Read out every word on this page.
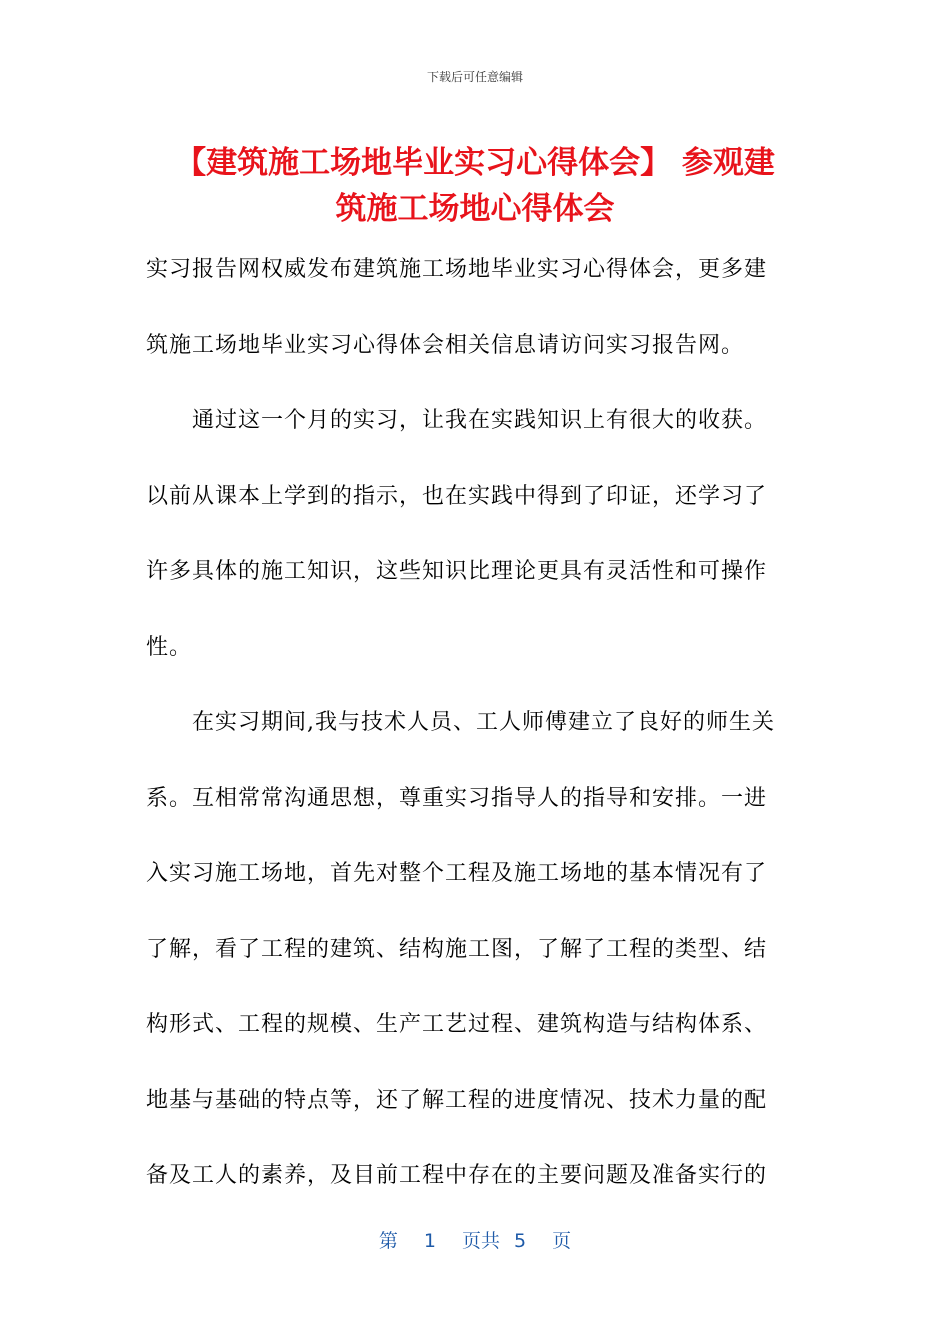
下载后可任意编辑
【建筑施工场地毕业实习心得体会】 参观建
筑施工场地心得体会
实习报告网权威发布建筑施工场地毕业实习心得体会，更多建
筑施工场地毕业实习心得体会相关信息请访问实习报告网。
　　通过这一个月的实习，让我在实践知识上有很大的收获。
以前从课本上学到的指示，也在实践中得到了印证，还学习了
许多具体的施工知识，这些知识比理论更具有灵活性和可操作
性。
　　在实习期间,我与技术人员、工人师傅建立了良好的师生关
系。互相常常沟通思想，尊重实习指导人的指导和安排。一进
入实习施工场地，首先对整个工程及施工场地的基本情况有了
了解，看了工程的建筑、结构施工图，了解了工程的类型、结
构形式、工程的规模、生产工艺过程、建筑构造与结构体系、
地基与基础的特点等，还了解工程的进度情况、技术力量的配
备及工人的素养，及目前工程中存在的主要问题及准备实行的
第 1 页共 5 页
